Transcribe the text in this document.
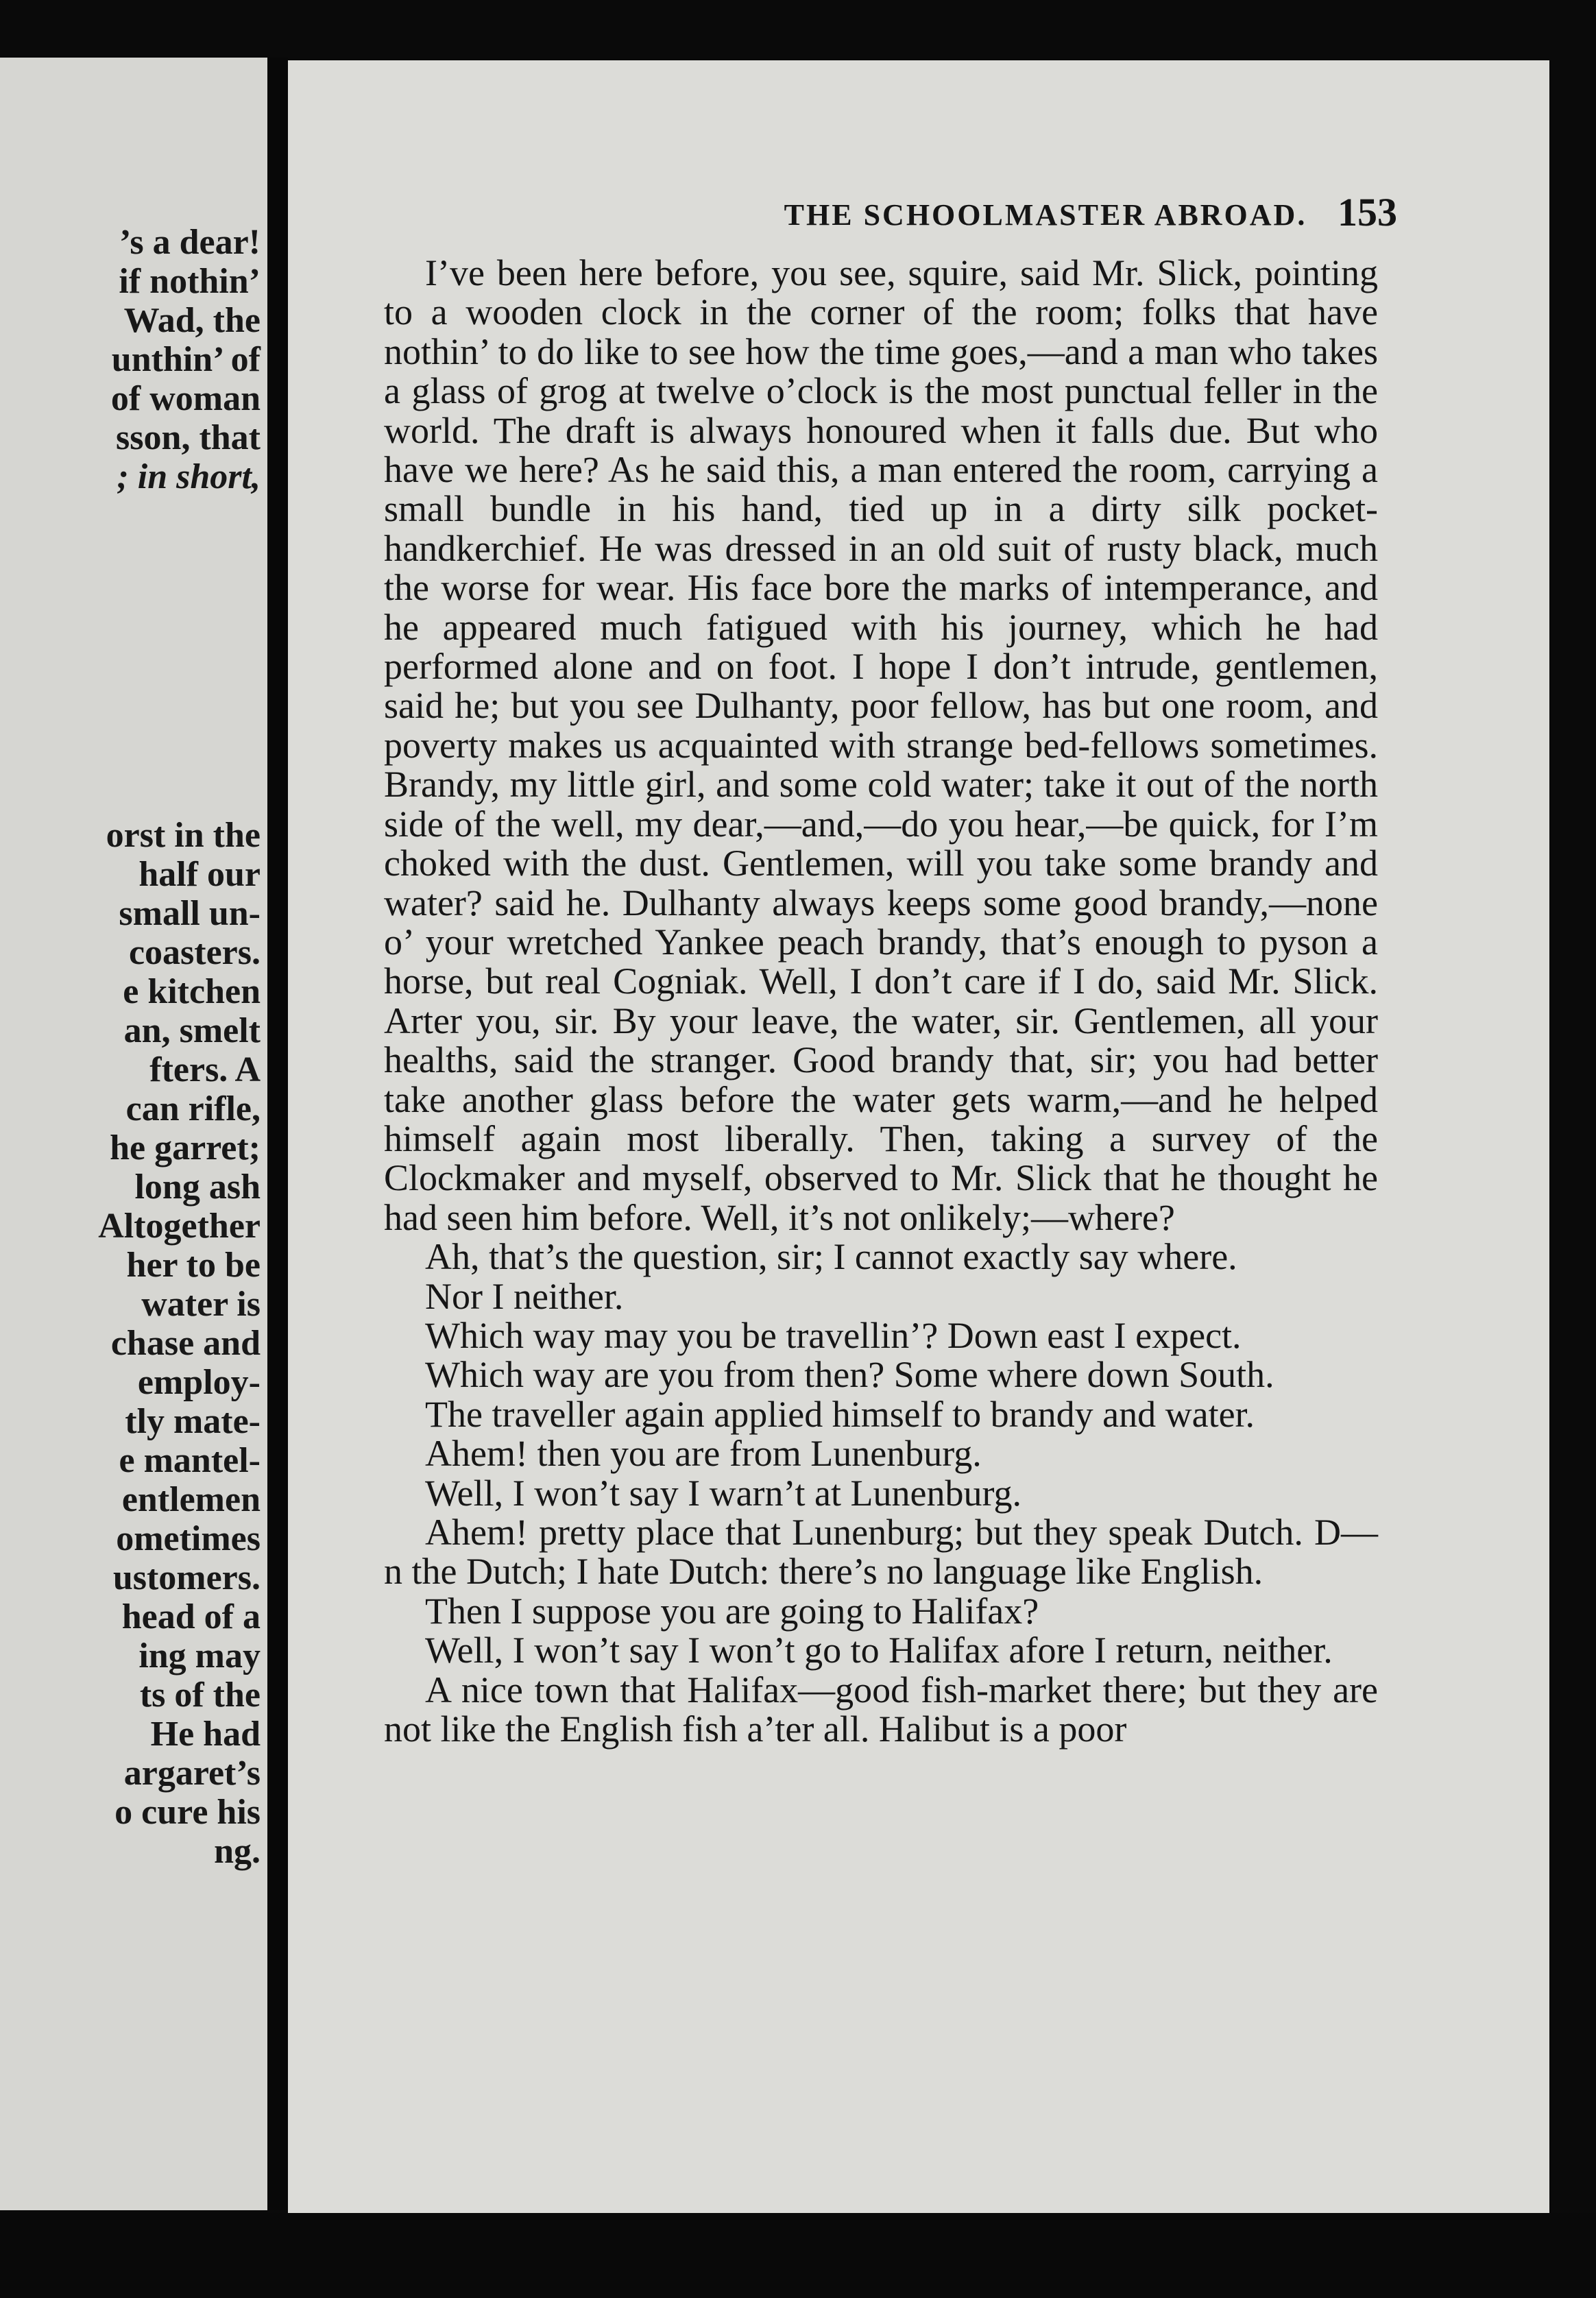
’s a dear!
if nothin’
Wad, the
unthin’ of
of woman
sson, that
; in short,
orst in the
half our
small un-
coasters.
e kitchen
an, smelt
fters. A
can rifle,
he garret;
long ash
Altogether
her to be
water is
chase and
employ-
tly mate-
e mantel-
entlemen
ometimes
ustomers.
head of a
ing may
ts of the
He had
argaret’s
o cure his
ng.
THE SCHOOLMASTER ABROAD. 153

I’ve been here before, you see, squire, said Mr. Slick, pointing to a wooden clock in the corner of the room; folks that have nothin’ to do like to see how the time goes,—and a man who takes a glass of grog at twelve o’clock is the most punctual feller in the world. The draft is always honoured when it falls due. But who have we here? As he said this, a man entered the room, carrying a small bundle in his hand, tied up in a dirty silk pocket-handkerchief. He was dressed in an old suit of rusty black, much the worse for wear. His face bore the marks of intemperance, and he appeared much fatigued with his journey, which he had performed alone and on foot. I hope I don’t intrude, gentlemen, said he; but you see Dulhanty, poor fellow, has but one room, and poverty makes us acquainted with strange bed-fellows sometimes. Brandy, my little girl, and some cold water; take it out of the north side of the well, my dear,—and,—do you hear,—be quick, for I’m choked with the dust. Gentlemen, will you take some brandy and water? said he. Dulhanty always keeps some good brandy,—none o’ your wretched Yankee peach brandy, that’s enough to pyson a horse, but real Cogniak. Well, I don’t care if I do, said Mr. Slick. Arter you, sir. By your leave, the water, sir. Gentlemen, all your healths, said the stranger. Good brandy that, sir; you had better take another glass before the water gets warm,—and he helped himself again most liberally. Then, taking a survey of the Clockmaker and myself, observed to Mr. Slick that he thought he had seen him before. Well, it’s not onlikely;—where?

Ah, that’s the question, sir; I cannot exactly say where.

Nor I neither.

Which way may you be travellin’? Down east I expect.

Which way are you from then? Some where down South.

The traveller again applied himself to brandy and water.

Ahem! then you are from Lunenburg.

Well, I won’t say I warn’t at Lunenburg.

Ahem! pretty place that Lunenburg; but they speak Dutch. D—n the Dutch; I hate Dutch: there’s no language like English.

Then I suppose you are going to Halifax?

Well, I won’t say I won’t go to Halifax afore I return, neither.

A nice town that Halifax—good fish-market there; but they are not like the English fish a’ter all. Halibut is a poor
